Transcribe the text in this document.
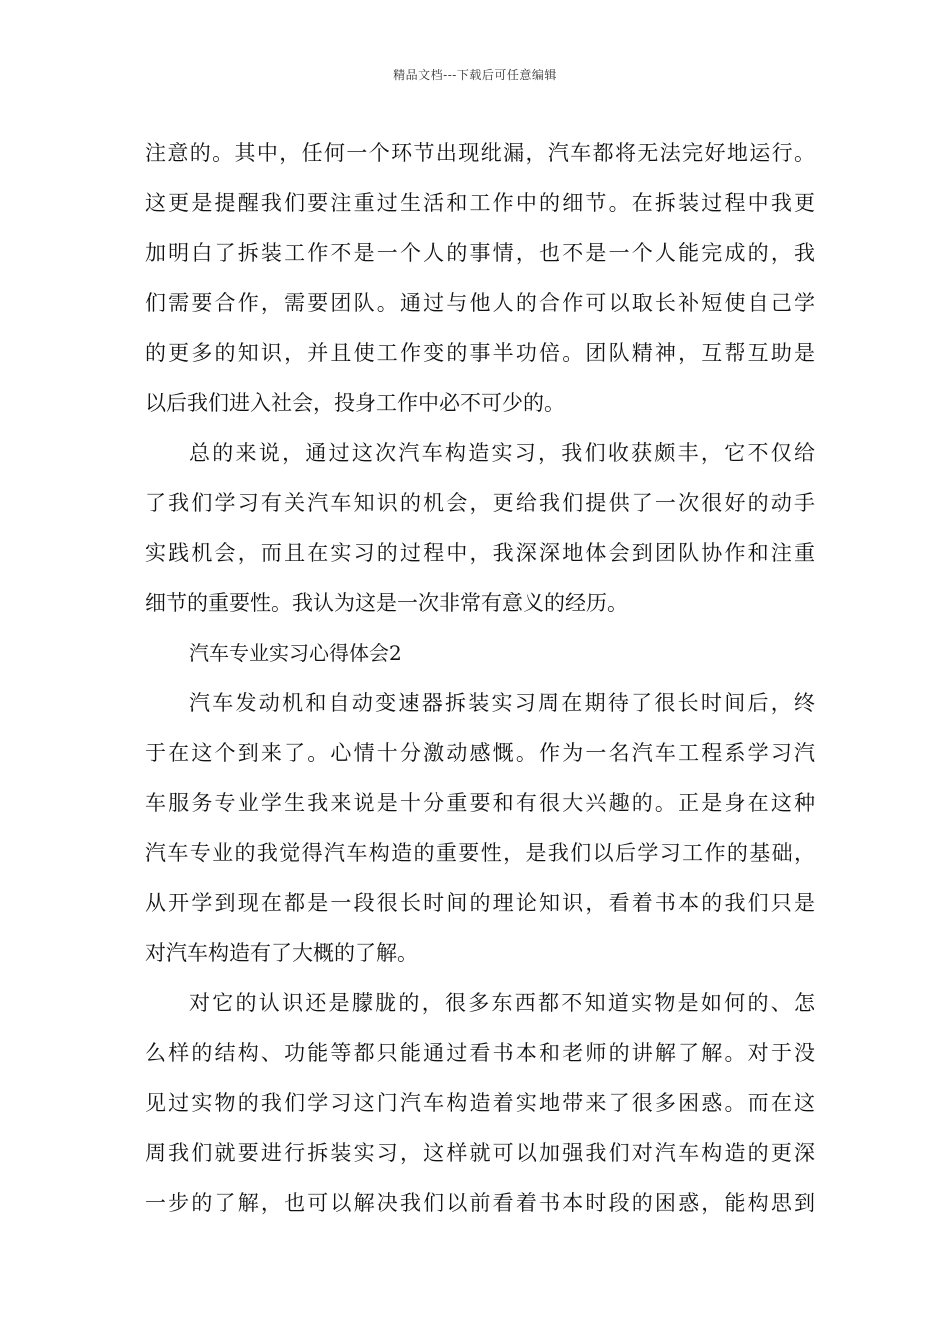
精品文档---下载后可任意编辑
注意的。其中，任何一个环节出现纰漏，汽车都将无法完好地运行。
这更是提醒我们要注重过生活和工作中的细节。在拆装过程中我更
加明白了拆装工作不是一个人的事情，也不是一个人能完成的，我
们需要合作，需要团队。通过与他人的合作可以取长补短使自己学
的更多的知识，并且使工作变的事半功倍。团队精神，互帮互助是
以后我们进入社会，投身工作中必不可少的。
总的来说，通过这次汽车构造实习，我们收获颇丰，它不仅给
了我们学习有关汽车知识的机会，更给我们提供了一次很好的动手
实践机会，而且在实习的过程中，我深深地体会到团队协作和注重
细节的重要性。我认为这是一次非常有意义的经历。
汽车专业实习心得体会2
汽车发动机和自动变速器拆装实习周在期待了很长时间后，终
于在这个到来了。心情十分激动感慨。作为一名汽车工程系学习汽
车服务专业学生我来说是十分重要和有很大兴趣的。正是身在这种
汽车专业的我觉得汽车构造的重要性，是我们以后学习工作的基础，
从开学到现在都是一段很长时间的理论知识，看着书本的我们只是
对汽车构造有了大概的了解。
对它的认识还是朦胧的，很多东西都不知道实物是如何的、怎
么样的结构、功能等都只能通过看书本和老师的讲解了解。对于没
见过实物的我们学习这门汽车构造着实地带来了很多困惑。而在这
周我们就要进行拆装实习，这样就可以加强我们对汽车构造的更深
一步的了解，也可以解决我们以前看着书本时段的困惑，能构思到
